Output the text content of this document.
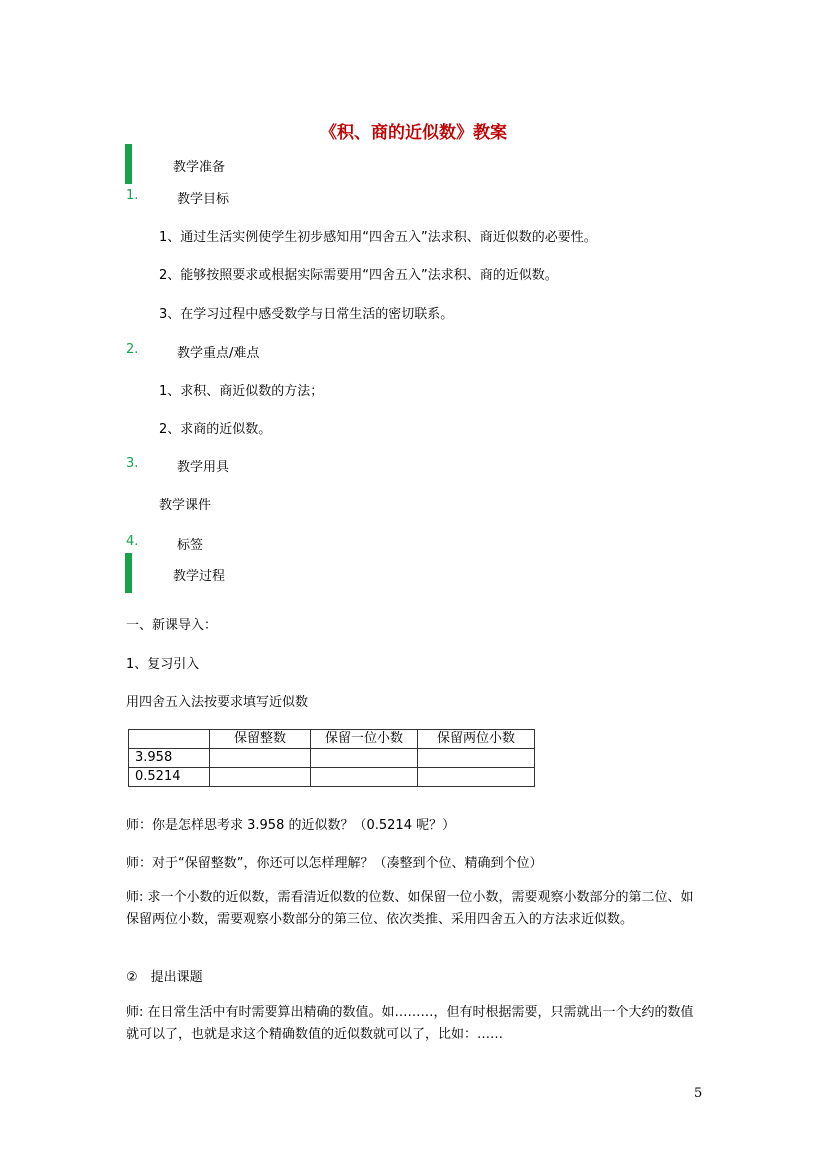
《积、商的近似数》教案
教学准备
1.	教学目标
1、通过生活实例使学生初步感知用“四舍五入”法求积、商近似数的必要性。
2、能够按照要求或根据实际需要用“四舍五入”法求积、商的近似数。
3、在学习过程中感受数学与日常生活的密切联系。
2.	教学重点/难点
1、求积、商近似数的方法；
2、求商的近似数。
3.	教学用具
教学课件
4.	标签
教学过程
一、新课导入：
1、复习引入
用四舍五入法按要求填写近似数
	保留整数	保留一位小数	保留两位小数
3.958			
0.5214			
师：你是怎样思考求 3.958 的近似数？（0.5214 呢？）
师：对于“保留整数”，你还可以怎样理解？（凑整到个位、精确到个位）
师: 求一个小数的近似数，需看清近似数的位数、如保留一位小数，需要观察小数部分的第二位、如保留两位小数，需要观察小数部分的第三位、依次类推、采用四舍五入的方法求近似数。
②　提出课题
师: 在日常生活中有时需要算出精确的数值。如………，但有时根据需要，只需就出一个大约的数值就可以了，也就是求这个精确数值的近似数就可以了，比如：……
5
